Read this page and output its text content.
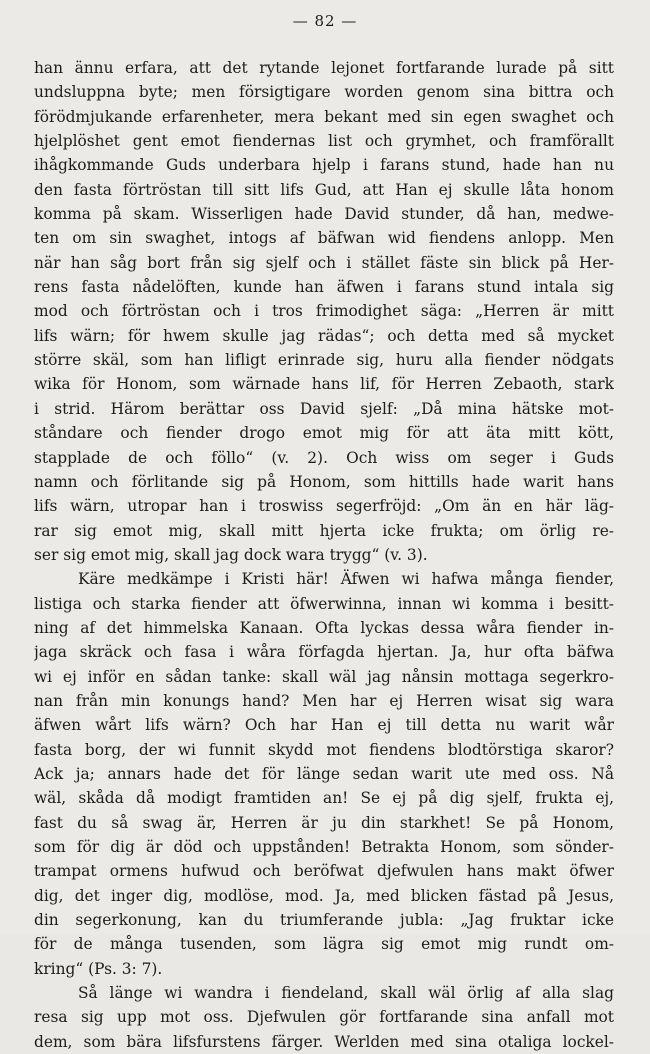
— 82 —
han ännu erfara, att det rytande lejonet fortfarande lurade på sitt
undsluppna byte; men försigtigare worden genom sina bittra och
förödmjukande erfarenheter, mera bekant med sin egen swaghet och
hjelplöshet gent emot fiendernas list och grymhet, och framförallt
ihågkommande Guds underbara hjelp i farans stund, hade han nu
den fasta förtröstan till sitt lifs Gud, att Han ej skulle låta honom
komma på skam. Wisserligen hade David stunder, då han, medwe-
ten om sin swaghet, intogs af bäfwan wid fiendens anlopp. Men
när han såg bort från sig sjelf och i stället fäste sin blick på Her-
rens fasta nådelöften, kunde han äfwen i farans stund intala sig
mod och förtröstan och i tros frimodighet säga: „Herren är mitt
lifs wärn; för hwem skulle jag rädas“; och detta med så mycket
större skäl, som han lifligt erinrade sig, huru alla fiender nödgats
wika för Honom, som wärnade hans lif, för Herren Zebaoth, stark
i strid. Härom berättar oss David sjelf: „Då mina hätske mot-
ståndare och fiender drogo emot mig för att äta mitt kött,
stapplade de och föllo“ (v. 2). Och wiss om seger i Guds
namn och förlitande sig på Honom, som hittills hade warit hans
lifs wärn, utropar han i troswiss segerfröjd: „Om än en här läg-
rar sig emot mig, skall mitt hjerta icke frukta; om örlig re-
ser sig emot mig, skall jag dock wara trygg“ (v. 3).
Käre medkämpe i Kristi här! Äfwen wi hafwa många fiender,
listiga och starka fiender att öfwerwinna, innan wi komma i besitt-
ning af det himmelska Kanaan. Ofta lyckas dessa wåra fiender in-
jaga skräck och fasa i wåra förfagda hjertan. Ja, hur ofta bäfwa
wi ej inför en sådan tanke: skall wäl jag nånsin mottaga segerkro-
nan från min konungs hand? Men har ej Herren wisat sig wara
äfwen wårt lifs wärn? Och har Han ej till detta nu warit wår
fasta borg, der wi funnit skydd mot fiendens blodtörstiga skaror?
Ack ja; annars hade det för länge sedan warit ute med oss. Nå
wäl, skåda då modigt framtiden an! Se ej på dig sjelf, frukta ej,
fast du så swag är, Herren är ju din starkhet! Se på Honom,
som för dig är död och uppstånden! Betrakta Honom, som sönder-
trampat ormens hufwud och beröfwat djefwulen hans makt öfwer
dig, det inger dig, modlöse, mod. Ja, med blicken fästad på Jesus,
din segerkonung, kan du triumferande jubla: „Jag fruktar icke
för de många tusenden, som lägra sig emot mig rundt om-
kring“ (Ps. 3: 7).
Så länge wi wandra i fiendeland, skall wäl örlig af alla slag
resa sig upp mot oss. Djefwulen gör fortfarande sina anfall mot
dem, som bära lifsfurstens färger. Werlden med sina otaliga lockel-
